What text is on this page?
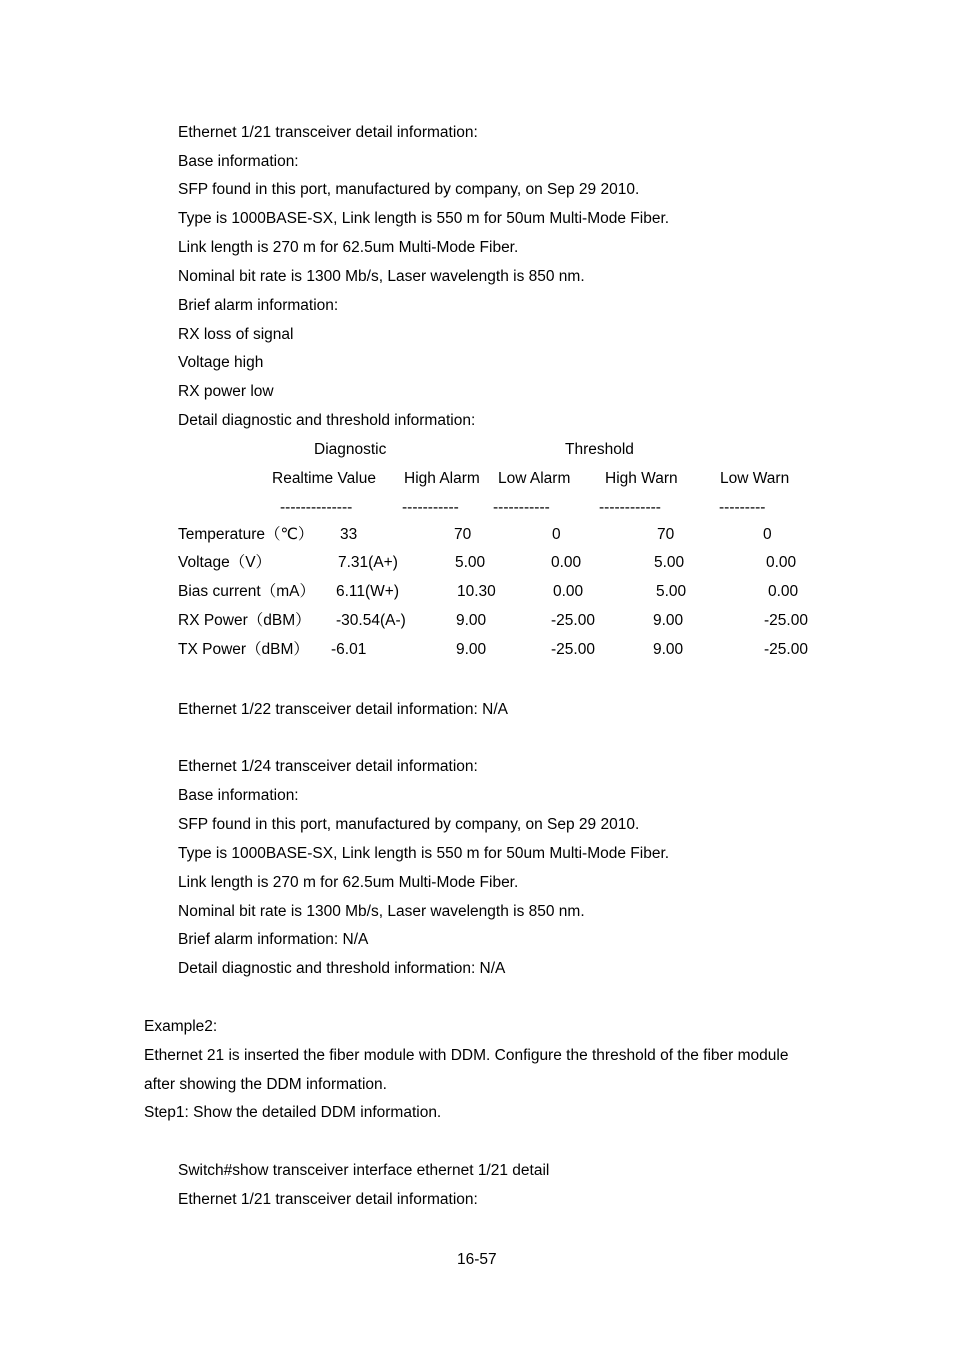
Ethernet 1/21 transceiver detail information:
Base information:
SFP found in this port, manufactured by company, on Sep 29 2010.
Type is 1000BASE-SX, Link length is 550 m for 50um Multi-Mode Fiber.
Link length is 270 m for 62.5um Multi-Mode Fiber.
Nominal bit rate is 1300 Mb/s, Laser wavelength is 850 nm.
Brief alarm information:
RX loss of signal
Voltage high
RX power low
Detail diagnostic and threshold information:
Diagnostic	Threshold
Realtime Value High Alarm Low Alarm High Warn	Low Warn
--------------	----------- -----------	------------	---------
Temperature（℃） 33	70	0	70	0
Voltage（V）	7.31(A+)	5.00	0.00	5.00	0.00
Bias current（mA） 6.11(W+)	10.30	0.00	5.00	0.00
RX Power（dBM） -30.54(A-)	9.00	-25.00	9.00	-25.00
TX Power（dBM） -6.01	9.00	-25.00	9.00	-25.00
Ethernet 1/22 transceiver detail information: N/A
Ethernet 1/24 transceiver detail information:
Base information:
SFP found in this port, manufactured by company, on Sep 29 2010.
Type is 1000BASE-SX, Link length is 550 m for 50um Multi-Mode Fiber.
Link length is 270 m for 62.5um Multi-Mode Fiber.
Nominal bit rate is 1300 Mb/s, Laser wavelength is 850 nm.
Brief alarm information: N/A
Detail diagnostic and threshold information: N/A
Example2:
Ethernet 21 is inserted the fiber module with DDM. Configure the threshold of the fiber module
after showing the DDM information.
Step1: Show the detailed DDM information.
Switch#show transceiver interface ethernet 1/21 detail
Ethernet 1/21 transceiver detail information:
16-57
